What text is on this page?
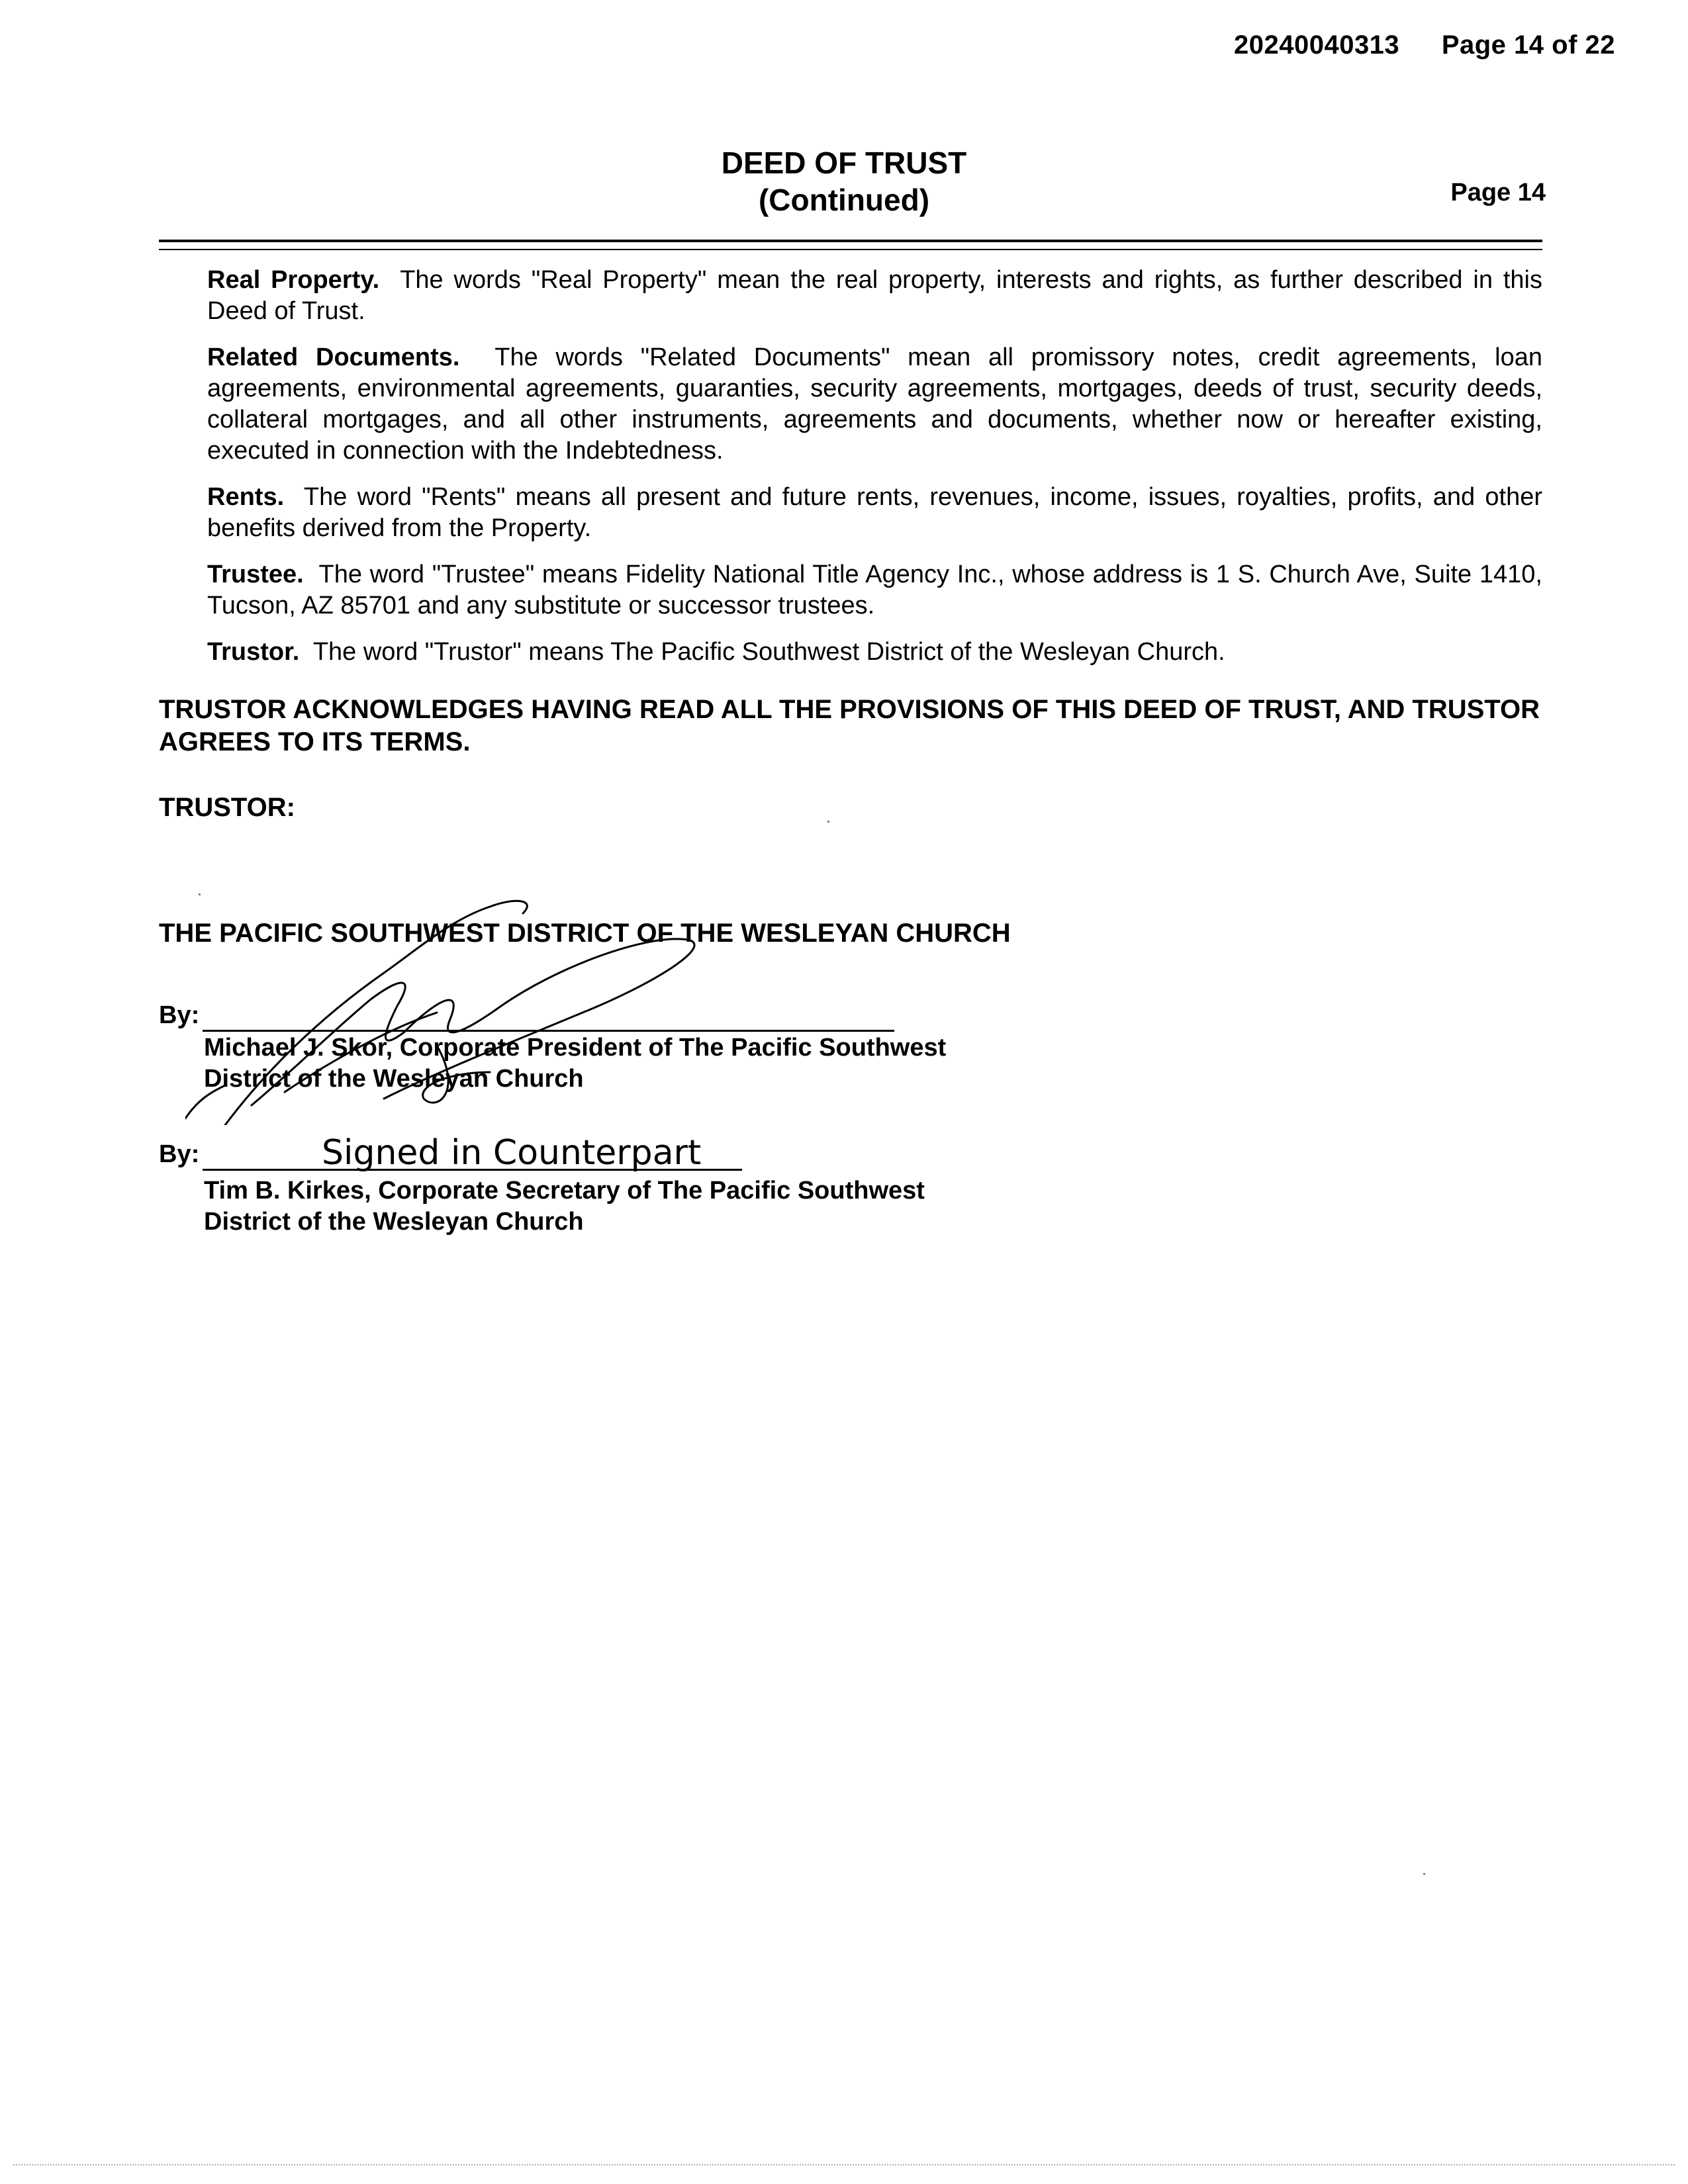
20240040313 Page 14 of 22
DEED OF TRUST
(Continued)	Page 14

Real Property. The words "Real Property" mean the real property, interests and rights, as further described in this Deed of Trust.

Related Documents. The words "Related Documents" mean all promissory notes, credit agreements, loan agreements, environmental agreements, guaranties, security agreements, mortgages, deeds of trust, security deeds, collateral mortgages, and all other instruments, agreements and documents, whether now or hereafter existing, executed in connection with the Indebtedness.

Rents. The word "Rents" means all present and future rents, revenues, income, issues, royalties, profits, and other benefits derived from the Property.

Trustee. The word "Trustee" means Fidelity National Title Agency Inc., whose address is 1 S. Church Ave, Suite 1410, Tucson, AZ 85701 and any substitute or successor trustees.

Trustor. The word "Trustor" means The Pacific Southwest District of the Wesleyan Church.

TRUSTOR ACKNOWLEDGES HAVING READ ALL THE PROVISIONS OF THIS DEED OF TRUST, AND TRUSTOR AGREES TO ITS TERMS.
TRUSTOR:
THE PACIFIC SOUTHWEST DISTRICT OF THE WESLEYAN CHURCH
By:
Michael J. Skor, Corporate President of The Pacific Southwest
District of the Wesleyan Church
By:	Signed in Counterpart
Tim B. Kirkes, Corporate Secretary of The Pacific Southwest
District of the Wesleyan Church
